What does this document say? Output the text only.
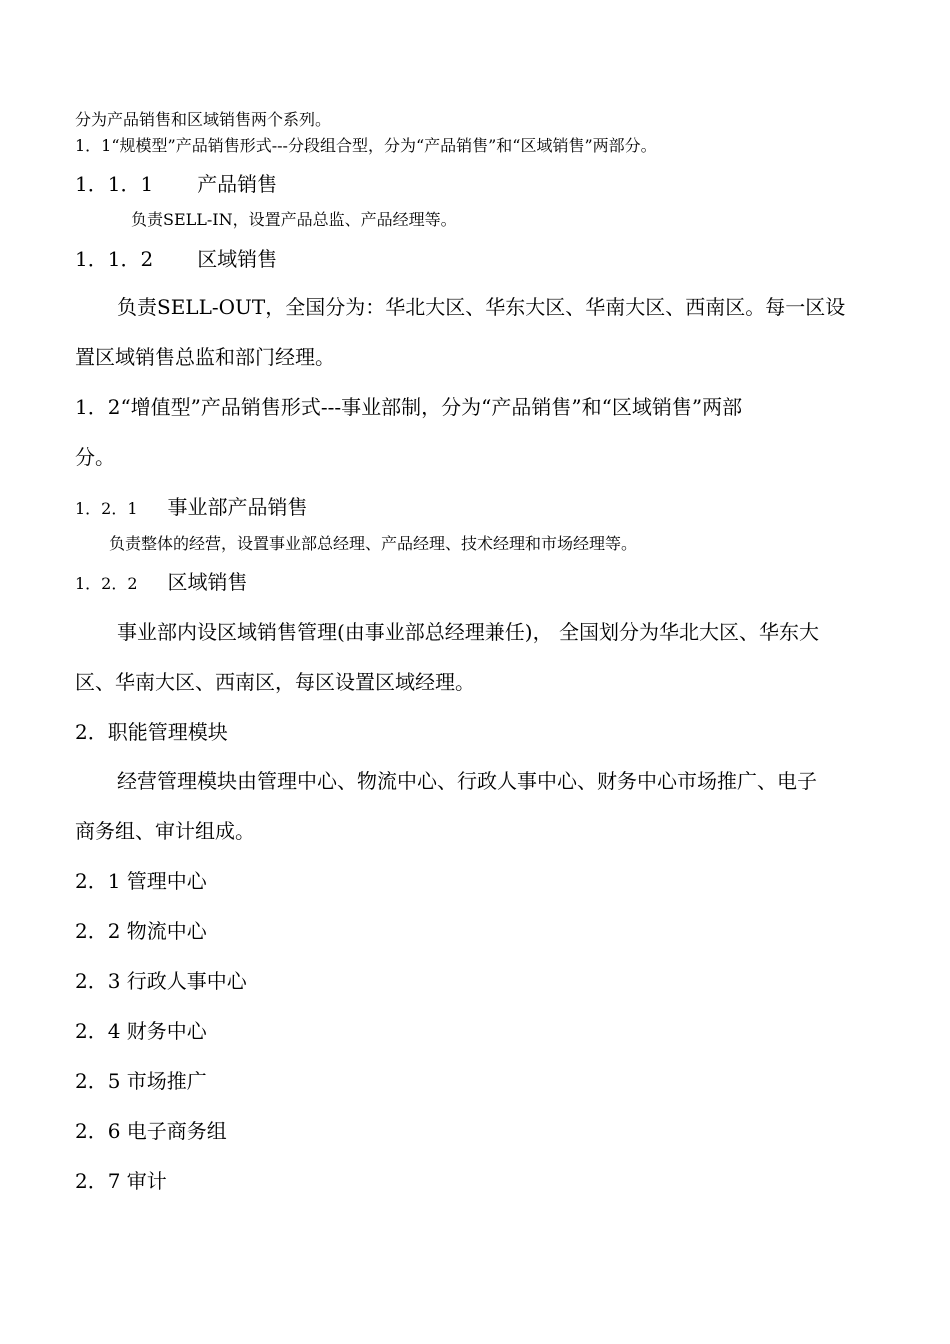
分为产品销售和区域销售两个系列。
1．1“规模型”产品销售形式---分段组合型，分为“产品销售”和“区域销售”两部分。
1．1．1 产品销售
负责SELL-IN，设置产品总监、产品经理等。
1．1．2 区域销售
负责SELL-OUT，全国分为：华北大区、华东大区、华南大区、西南区。每一区设
置区域销售总监和部门经理。
1．2“增值型”产品销售形式---事业部制，分为“产品销售”和“区域销售”两部
分。
1．2．1 事业部产品销售
负责整体的经营，设置事业部总经理、产品经理、技术经理和市场经理等。
1．2．2 区域销售
事业部内设区域销售管理(由事业部总经理兼任)， 全国划分为华北大区、华东大
区、华南大区、西南区，每区设置区域经理。
2．职能管理模块
经营管理模块由管理中心、物流中心、行政人事中心、财务中心市场推广、电子
商务组、审计组成。
2．1 管理中心
2．2 物流中心
2．3 行政人事中心
2．4 财务中心
2．5 市场推广
2．6 电子商务组
2．7 审计
